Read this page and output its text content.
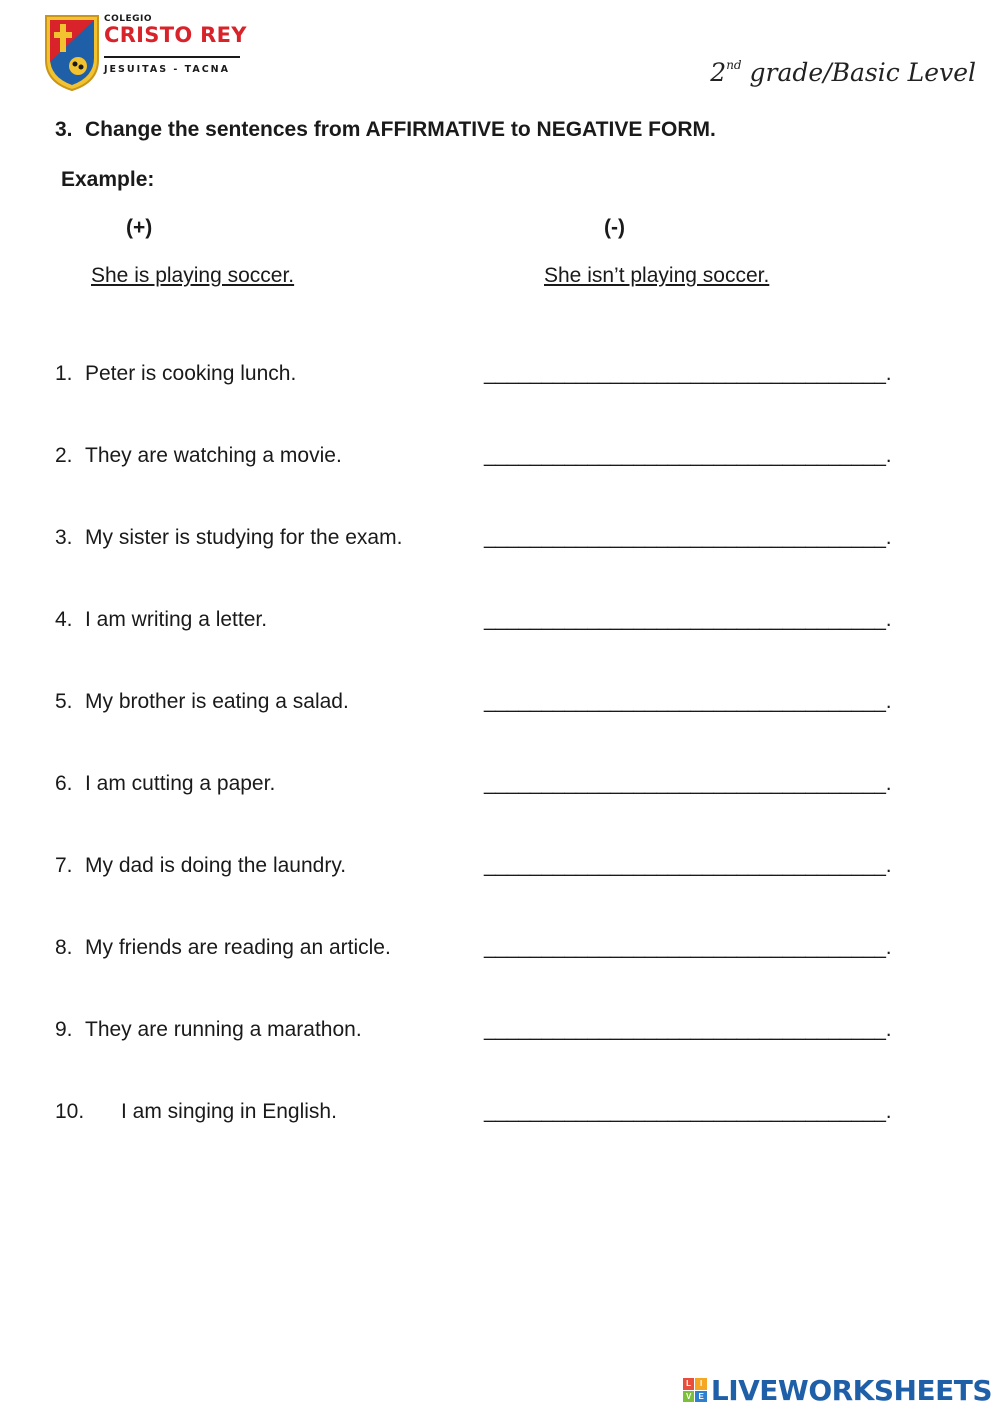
COLEGIO
CRISTO REY
JESUITAS - TACNA	2nd grade/Basic Level
3. Change the sentences from AFFIRMATIVE to NEGATIVE FORM.
Example:
(+)	(-)
She is playing soccer.	She isn’t playing soccer.
1. Peter is cooking lunch.	___________________________________.
2. They are watching a movie.	___________________________________.
3. My sister is studying for the exam.	___________________________________.
4. I am writing a letter.	___________________________________.
5. My brother is eating a salad.	___________________________________.
6. I am cutting a paper.	___________________________________.
7. My dad is doing the laundry.	___________________________________.
8. My friends are reading an article.	___________________________________.
9. They are running a marathon.	___________________________________.
10. I am singing in English.	___________________________________.
L	I
V E LIVEWORKSHEETS
